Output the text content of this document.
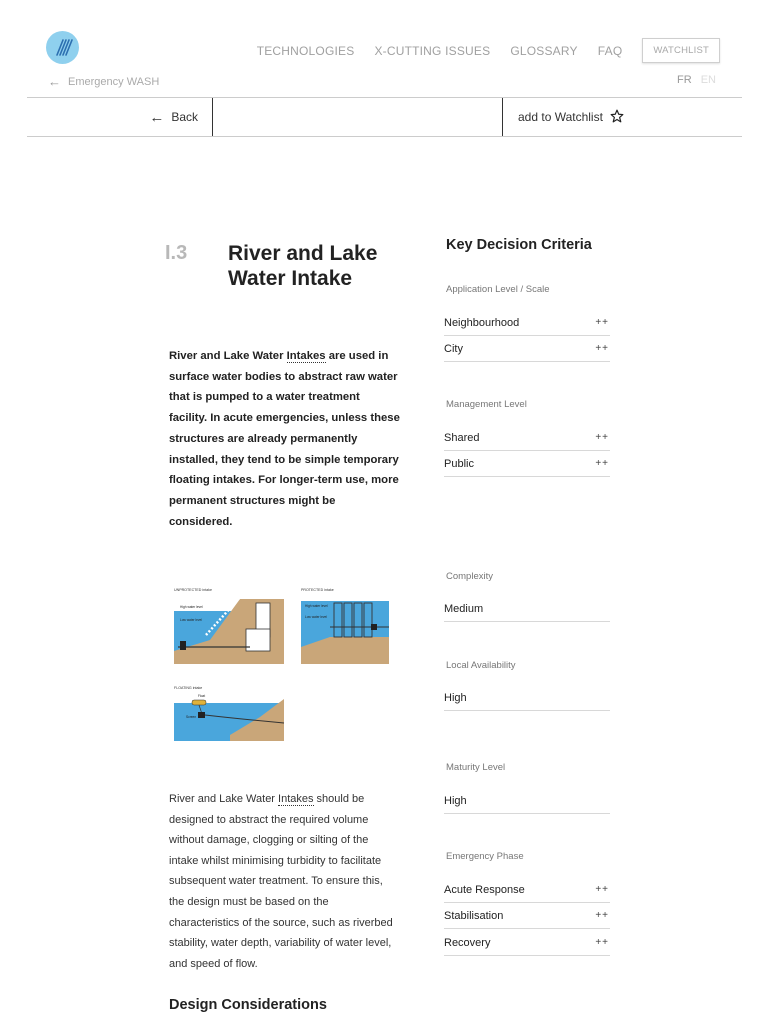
TECHNOLOGIES X-CUTTING ISSUES GLOSSARY FAQ	WATCHLIST
← Emergency WASH	FR EN
← Back	add to Watchlist
I.3 River and Lake Water Intake

River and Lake Water Intakes are used in surface water bodies to abstract raw water that is pumped to a water treatment facility. In acute emergencies, unless these structures are already permanently installed, they tend to be simple temporary floating intakes. For longer-term use, more permanent structures might be considered.

UNPROTECTED intake
High water level
Low water level
PROTECTED intake
High water level
Low water level
FLOATING intake
Float
Screen

River and Lake Water Intakes should be designed to abstract the required volume without damage, clogging or silting of the intake whilst minimising turbidity to facilitate subsequent water treatment. To ensure this, the design must be based on the characteristics of the source, such as riverbed stability, water depth, variability of water level, and speed of flow.

Design Considerations
Key Decision Criteria
Application Level / Scale
Neighbourhood	++
City	++
Management Level
Shared	++
Public	++
Complexity
Medium
Local Availability
High
Maturity Level
High
Emergency Phase
Acute Response	++
Stabilisation	++
Recovery	++
